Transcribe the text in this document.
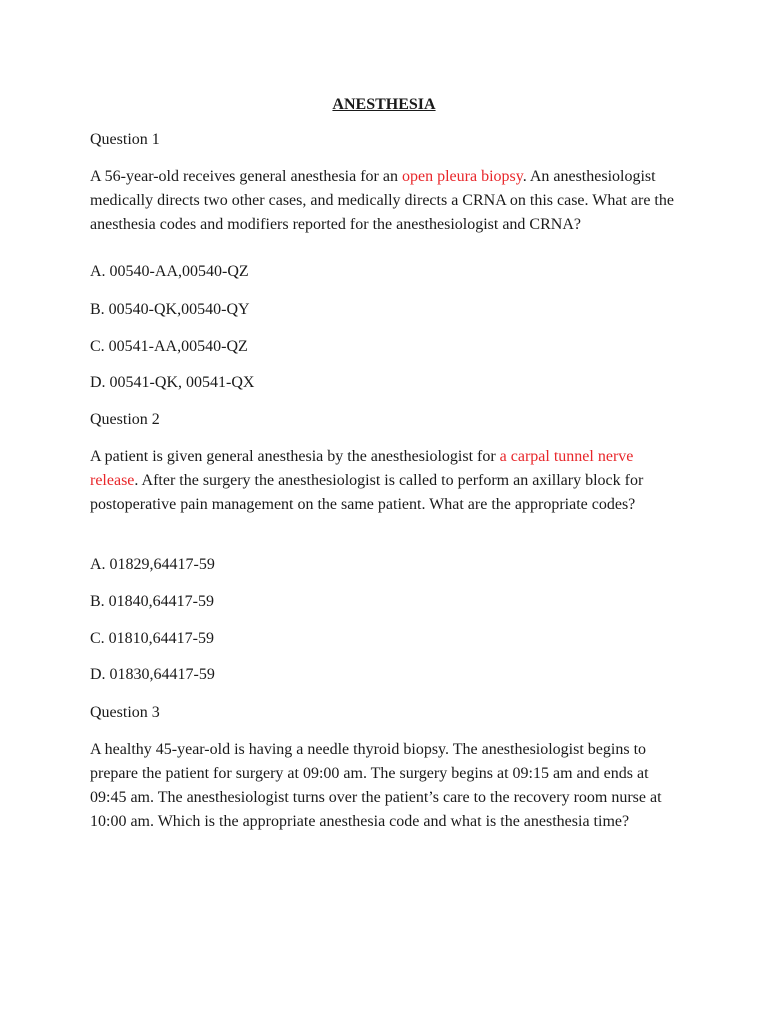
ANESTHESIA

Question 1

A 56-year-old receives general anesthesia for an open pleura biopsy. An anesthesiologist medically directs two other cases, and medically directs a CRNA on this case. What are the anesthesia codes and modifiers reported for the anesthesiologist and CRNA?

A. 00540-AA,00540-QZ

B. 00540-QK,00540-QY

C. 00541-AA,00540-QZ

D. 00541-QK, 00541-QX

Question 2

A patient is given general anesthesia by the anesthesiologist for a carpal tunnel nerve release. After the surgery the anesthesiologist is called to perform an axillary block for postoperative pain management on the same patient. What are the appropriate codes?

A. 01829,64417-59

B. 01840,64417-59

C. 01810,64417-59

D. 01830,64417-59

Question 3

A healthy 45-year-old is having a needle thyroid biopsy. The anesthesiologist begins to prepare the patient for surgery at 09:00 am. The surgery begins at 09:15 am and ends at 09:45 am. The anesthesiologist turns over the patient’s care to the recovery room nurse at 10:00 am. Which is the appropriate anesthesia code and what is the anesthesia time?
